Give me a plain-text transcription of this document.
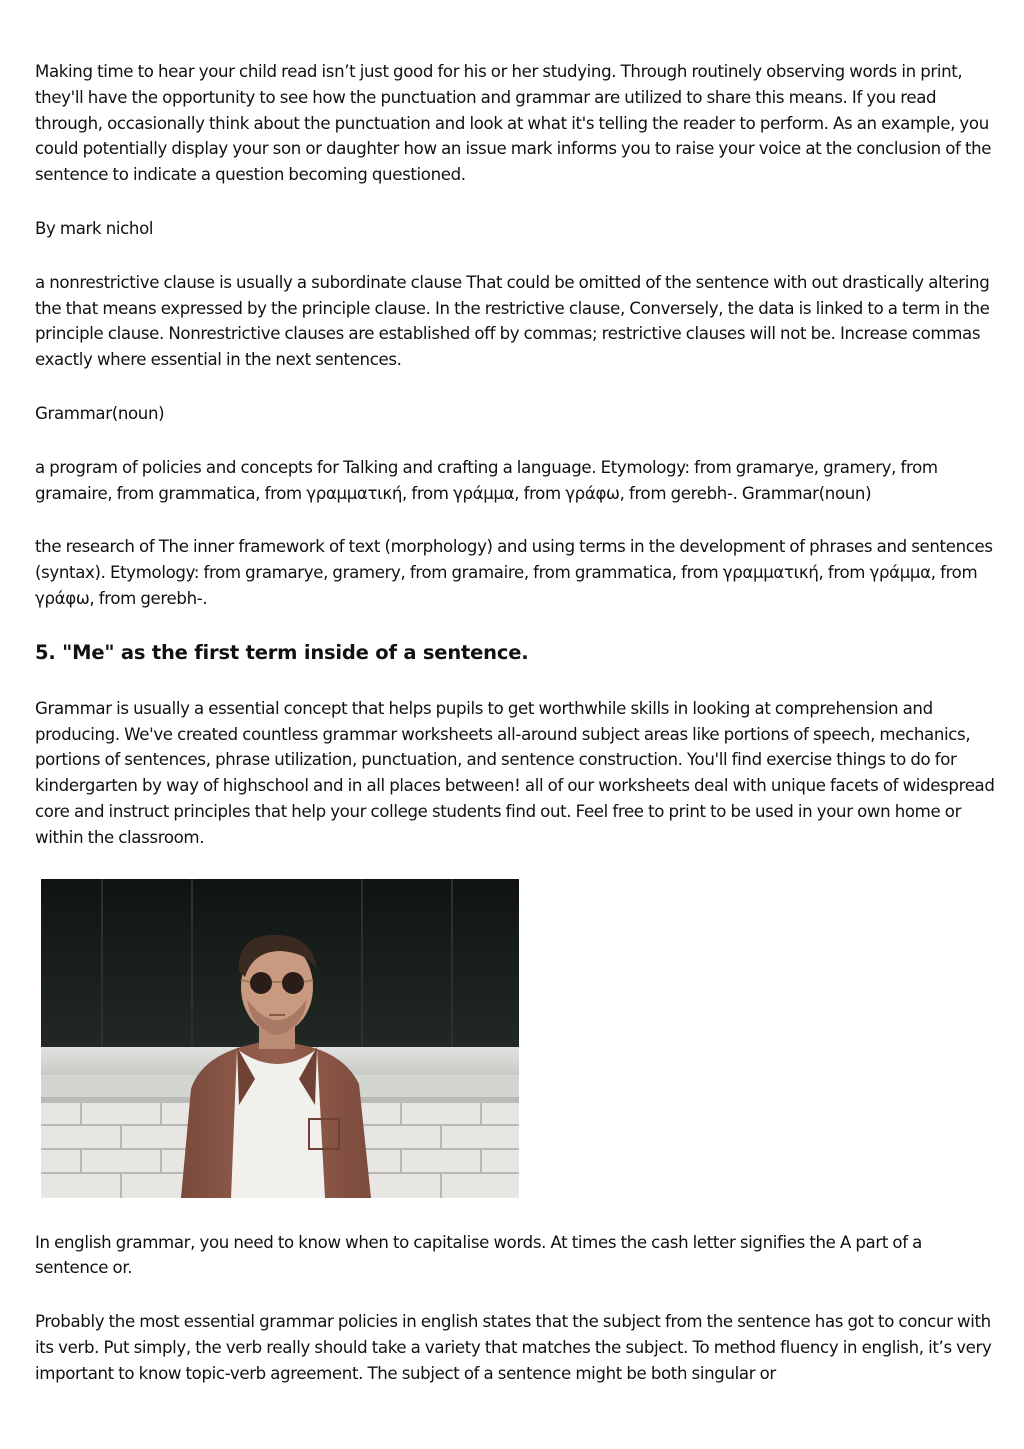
Making time to hear your child read isn’t just good for his or her studying. Through routinely observing words in print, they'll have the opportunity to see how the punctuation and grammar are utilized to share this means. If you read through, occasionally think about the punctuation and look at what it's telling the reader to perform. As an example, you could potentially display your son or daughter how an issue mark informs you to raise your voice at the conclusion of the sentence to indicate a question becoming questioned.

By mark nichol

a nonrestrictive clause is usually a subordinate clause That could be omitted of the sentence with out drastically altering the that means expressed by the principle clause. In the restrictive clause, Conversely, the data is linked to a term in the principle clause. Nonrestrictive clauses are established off by commas; restrictive clauses will not be. Increase commas exactly where essential in the next sentences.

Grammar(noun)

a program of policies and concepts for Talking and crafting a language. Etymology: from gramarye, gramery, from gramaire, from grammatica, from γραμματική, from γράμμα, from γράφω, from gerebh-. Grammar(noun)

the research of The inner framework of text (morphology) and using terms in the development of phrases and sentences (syntax). Etymology: from gramarye, gramery, from gramaire, from grammatica, from γραμματική, from γράμμα, from γράφω, from gerebh-.

5. "Me" as the first term inside of a sentence.

Grammar is usually a essential concept that helps pupils to get worthwhile skills in looking at comprehension and producing. We've created countless grammar worksheets all-around subject areas like portions of speech, mechanics, portions of sentences, phrase utilization, punctuation, and sentence construction. You'll find exercise things to do for kindergarten by way of highschool and in all places between! all of our worksheets deal with unique facets of widespread core and instruct principles that help your college students find out. Feel free to print to be used in your own home or within the classroom.

In english grammar, you need to know when to capitalise words. At times the cash letter signifies the A part of a sentence or.

Probably the most essential grammar policies in english states that the subject from the sentence has got to concur with its verb. Put simply, the verb really should take a variety that matches the subject. To method fluency in english, it’s very important to know topic-verb agreement. The subject of a sentence might be both singular or
